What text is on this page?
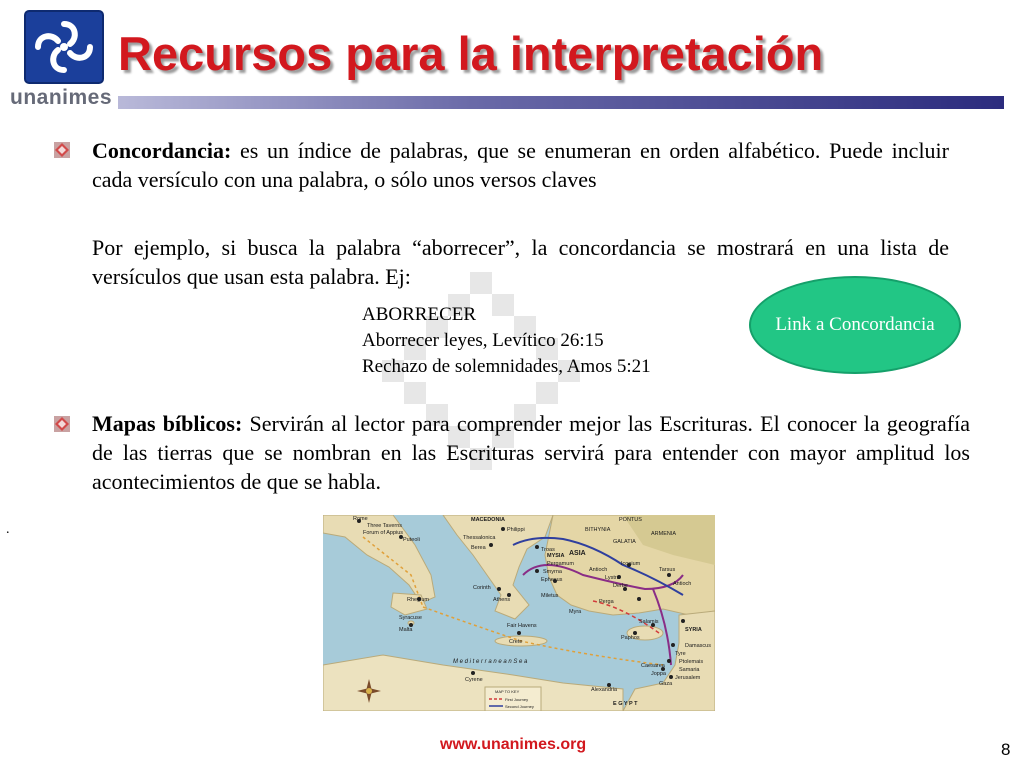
unanimes
Recursos para la interpretación
Concordancia: es un índice de palabras, que se enumeran en orden alfabético. Puede incluir cada versículo con una palabra, o sólo unos versos claves
Por ejemplo, si busca la palabra “aborrecer”, la concordancia se mostrará en una lista de versículos que usan esta palabra. Ej:
ABORRECER
Aborrecer leyes, Levítico 26:15
Rechazo de solemnidades, Amos 5:21
Link a Concordancia
Mapas bíblicos: Servirán al lector para comprender mejor las Escrituras. El conocer la geografía de las tierras que se nombran en las Escrituras servirá para entender con mayor amplitud los acontecimientos de que se habla.
.
Rome
Three Taverns
Forum of Appius
Puteoli
MACEDONIA
Philippi
Thessalonica
Berea	Troas
MYSIA ASIA
Pergamum
Smyrna
Ephesus
Miletus
Athens
Corinth
PONTUS
BITHYNIA
GALATIA
ARMENIA
Antioch
Iconium
Lystra
Derbe
Tarsus
Perga
Antioch
Myra
Paphos
Salamis
SYRIA
Damascus
Tyre
Ptolemais
Caesarea
Samaria
Joppa
Jerusalem
Gaza
Rhegium
Syracuse
Malta
Fair Havens
Crete
M e d i t e r r a n e a n S e a
Cyrene
Alexandria
E G Y P T
MAP TO KEY
First Journey
Second Journey
www.unanimes.org	8
